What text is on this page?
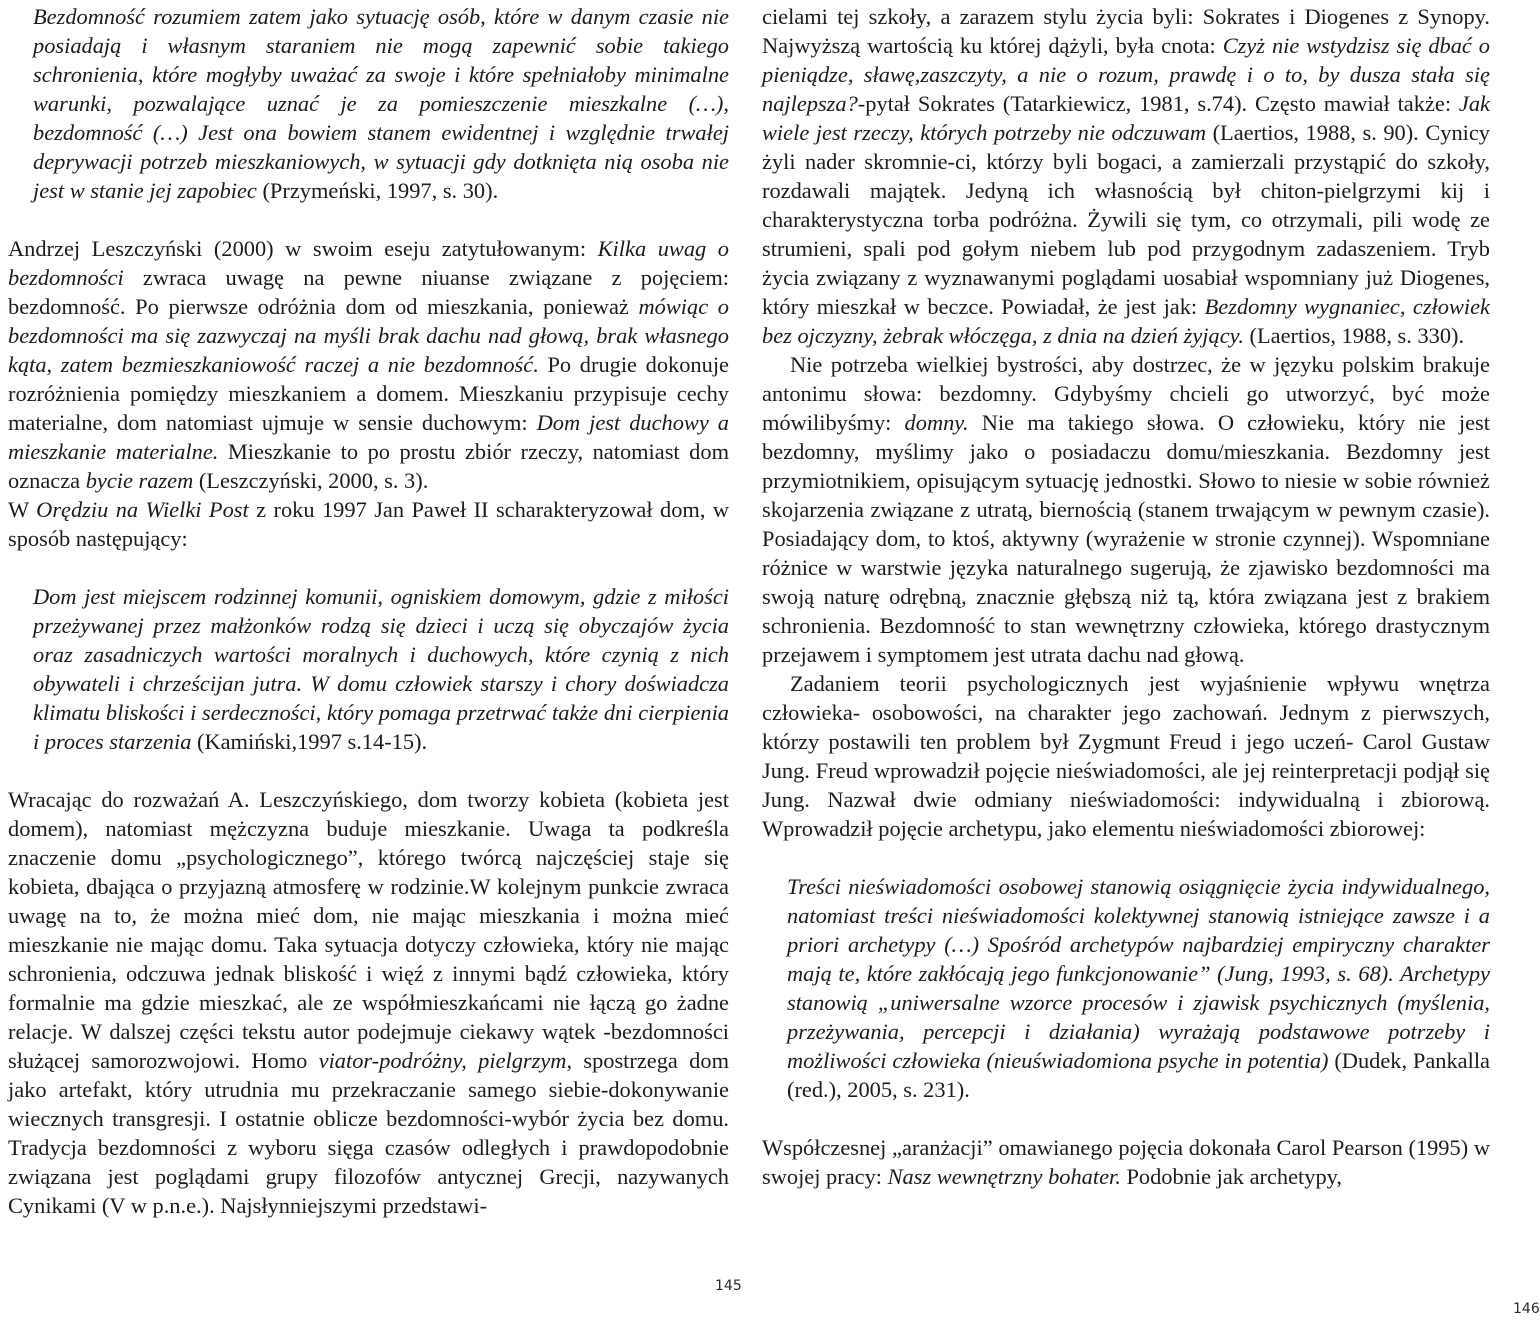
Bezdomność rozumiem zatem jako sytuację osób, które w danym czasie nie posiadają i własnym staraniem nie mogą zapewnić sobie takiego schronienia, które mogłyby uważać za swoje i które spełniałoby minimalne warunki, pozwalające uznać je za pomieszczenie mieszkalne (…), bezdomność (…) Jest ona bowiem stanem ewidentnej i względnie trwałej deprywacji potrzeb mieszkaniowych, w sytuacji gdy dotknięta nią osoba nie jest w stanie jej zapobiec (Przymeński, 1997, s. 30).

Andrzej Leszczyński (2000) w swoim eseju zatytułowanym: Kilka uwag o bezdomności zwraca uwagę na pewne niuanse związane z pojęciem: bezdomność. Po pierwsze odróżnia dom od mieszkania, ponieważ mówiąc o bezdomności ma się zazwyczaj na myśli brak dachu nad głową, brak własnego kąta, zatem bezmieszkaniowość raczej a nie bezdomność. Po drugie dokonuje rozróżnienia pomiędzy mieszkaniem a domem. Mieszkaniu przypisuje cechy materialne, dom natomiast ujmuje w sensie duchowym: Dom jest duchowy a mieszkanie materialne. Mieszkanie to po prostu zbiór rzeczy, natomiast dom oznacza bycie razem (Leszczyński, 2000, s. 3).

W Orędziu na Wielki Post z roku 1997 Jan Paweł II scharakteryzował dom, w sposób następujący:

Dom jest miejscem rodzinnej komunii, ogniskiem domowym, gdzie z miłości przeżywanej przez małżonków rodzą się dzieci i uczą się obyczajów życia oraz zasadniczych wartości moralnych i duchowych, które czynią z nich obywateli i chrześcijan jutra. W domu człowiek starszy i chory doświadcza klimatu bliskości i serdeczności, który pomaga przetrwać także dni cierpienia i proces starzenia (Kamiński,1997 s.14-15).

Wracając do rozważań A. Leszczyńskiego, dom tworzy kobieta (kobieta jest domem), natomiast mężczyzna buduje mieszkanie. Uwaga ta podkreśla znaczenie domu „psychologicznego”, którego twórcą najczęściej staje się kobieta, dbająca o przyjazną atmosferę w rodzinie.W kolejnym punkcie zwraca uwagę na to, że można mieć dom, nie mając mieszkania i można mieć mieszkanie nie mając domu. Taka sytuacja dotyczy człowieka, który nie mając schronienia, odczuwa jednak bliskość i więź z innymi bądź człowieka, który formalnie ma gdzie mieszkać, ale ze współmieszkańcami nie łączą go żadne relacje. W dalszej części tekstu autor podejmuje ciekawy wątek -bezdomności służącej samorozwojowi. Homo viator-podróżny, pielgrzym, spostrzega dom jako artefakt, który utrudnia mu przekraczanie samego siebie-dokonywanie wiecznych transgresji. I ostatnie oblicze bezdomności-wybór życia bez domu. Tradycja bezdomności z wyboru sięga czasów odległych i prawdopodobnie związana jest poglądami grupy filozofów antycznej Grecji, nazywanych Cynikami (V w p.n.e.). Najsłynniejszymi przedstawi-

145

cielami tej szkoły, a zarazem stylu życia byli: Sokrates i Diogenes z Synopy. Najwyższą wartością ku której dążyli, była cnota: Czyż nie wstydzisz się dbać o pieniądze, sławę,zaszczyty, a nie o rozum, prawdę i o to, by dusza stała się najlepsza?-pytał Sokrates (Tatarkiewicz, 1981, s.74). Często mawiał także: Jak wiele jest rzeczy, których potrzeby nie odczuwam (Laertios, 1988, s. 90). Cynicy żyli nader skromnie-ci, którzy byli bogaci, a zamierzali przystąpić do szkoły, rozdawali majątek. Jedyną ich własnością był chiton-pielgrzymi kij i charakterystyczna torba podróżna. Żywili się tym, co otrzymali, pili wodę ze strumieni, spali pod gołym niebem lub pod przygodnym zadaszeniem. Tryb życia związany z wyznawanymi poglądami uosabiał wspomniany już Diogenes, który mieszkał w beczce. Powiadał, że jest jak: Bezdomny wygnaniec, człowiek bez ojczyzny, żebrak włóczęga, z dnia na dzień żyjący. (Laertios, 1988, s. 330).

Nie potrzeba wielkiej bystrości, aby dostrzec, że w języku polskim brakuje antonimu słowa: bezdomny. Gdybyśmy chcieli go utworzyć, być może mówilibyśmy: domny. Nie ma takiego słowa. O człowieku, który nie jest bezdomny, myślimy jako o posiadaczu domu/mieszkania. Bezdomny jest przymiotnikiem, opisującym sytuację jednostki. Słowo to niesie w sobie również skojarzenia związane z utratą, biernością (stanem trwającym w pewnym czasie). Posiadający dom, to ktoś, aktywny (wyrażenie w stronie czynnej). Wspomniane różnice w warstwie języka naturalnego sugerują, że zjawisko bezdomności ma swoją naturę odrębną, znacznie głębszą niż tą, która związana jest z brakiem schronienia. Bezdomność to stan wewnętrzny człowieka, którego drastycznym przejawem i symptomem jest utrata dachu nad głową.

Zadaniem teorii psychologicznych jest wyjaśnienie wpływu wnętrza człowieka- osobowości, na charakter jego zachowań. Jednym z pierwszych, którzy postawili ten problem był Zygmunt Freud i jego uczeń- Carol Gustaw Jung. Freud wprowadził pojęcie nieświadomości, ale jej reinterpretacji podjął się Jung. Nazwał dwie odmiany nieświadomości: indywidualną i zbiorową. Wprowadził pojęcie archetypu, jako elementu nieświadomości zbiorowej:

Treści nieświadomości osobowej stanowią osiągnięcie życia indywidualnego, natomiast treści nieświadomości kolektywnej stanowią istniejące zawsze i a priori archetypy (…) Spośród archetypów najbardziej empiryczny charakter mają te, które zakłócają jego funkcjonowanie” (Jung, 1993, s. 68). Archetypy stanowią „uniwersalne wzorce procesów i zjawisk psychicznych (myślenia, przeżywania, percepcji i działania) wyrażają podstawowe potrzeby i możliwości człowieka (nieuświadomiona psyche in potentia) (Dudek, Pankalla (red.), 2005, s. 231).

Współczesnej „aranżacji” omawianego pojęcia dokonała Carol Pearson (1995) w swojej pracy: Nasz wewnętrzny bohater. Podobnie jak archetypy,

146
